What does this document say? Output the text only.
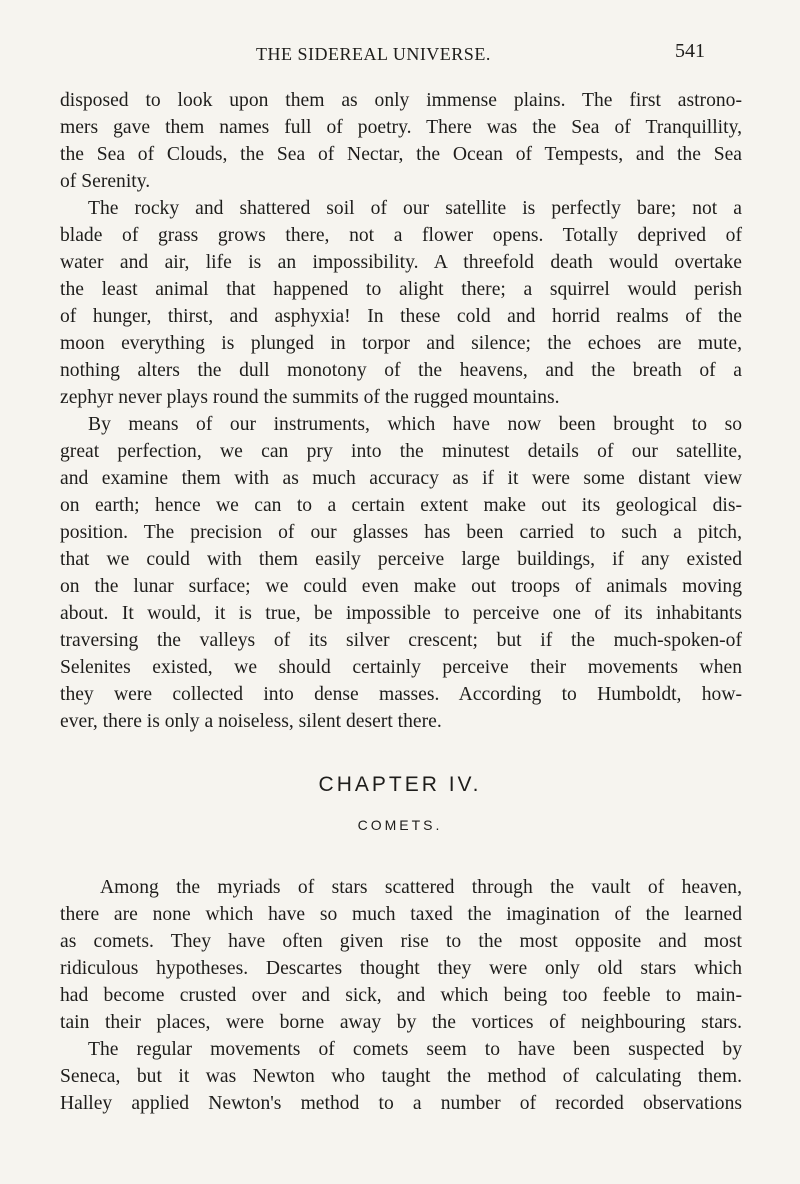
THE SIDEREAL UNIVERSE.	541

disposed to look upon them as only immense plains. The first astrono-

mers gave them names full of poetry. There was the Sea of Tranquillity,

the Sea of Clouds, the Sea of Nectar, the Ocean of Tempests, and the Sea

of Serenity.

The rocky and shattered soil of our satellite is perfectly bare; not a

blade of grass grows there, not a flower opens. Totally deprived of

water and air, life is an impossibility. A threefold death would overtake

the least animal that happened to alight there; a squirrel would perish

of hunger, thirst, and asphyxia! In these cold and horrid realms of the

moon everything is plunged in torpor and silence; the echoes are mute,

nothing alters the dull monotony of the heavens, and the breath of a

zephyr never plays round the summits of the rugged mountains.

By means of our instruments, which have now been brought to so

great perfection, we can pry into the minutest details of our satellite,

and examine them with as much accuracy as if it were some distant view

on earth; hence we can to a certain extent make out its geological dis-

position. The precision of our glasses has been carried to such a pitch,

that we could with them easily perceive large buildings, if any existed

on the lunar surface; we could even make out troops of animals moving

about. It would, it is true, be impossible to perceive one of its inhabitants

traversing the valleys of its silver crescent; but if the much-spoken-of

Selenites existed, we should certainly perceive their movements when

they were collected into dense masses. According to Humboldt, how-

ever, there is only a noiseless, silent desert there.

CHAPTER IV.
COMETS.

Among the myriads of stars scattered through the vault of heaven,

there are none which have so much taxed the imagination of the learned

as comets. They have often given rise to the most opposite and most

ridiculous hypotheses. Descartes thought they were only old stars which

had become crusted over and sick, and which being too feeble to main-

tain their places, were borne away by the vortices of neighbouring stars.

The regular movements of comets seem to have been suspected by

Seneca, but it was Newton who taught the method of calculating them.

Halley applied Newton's method to a number of recorded observations
